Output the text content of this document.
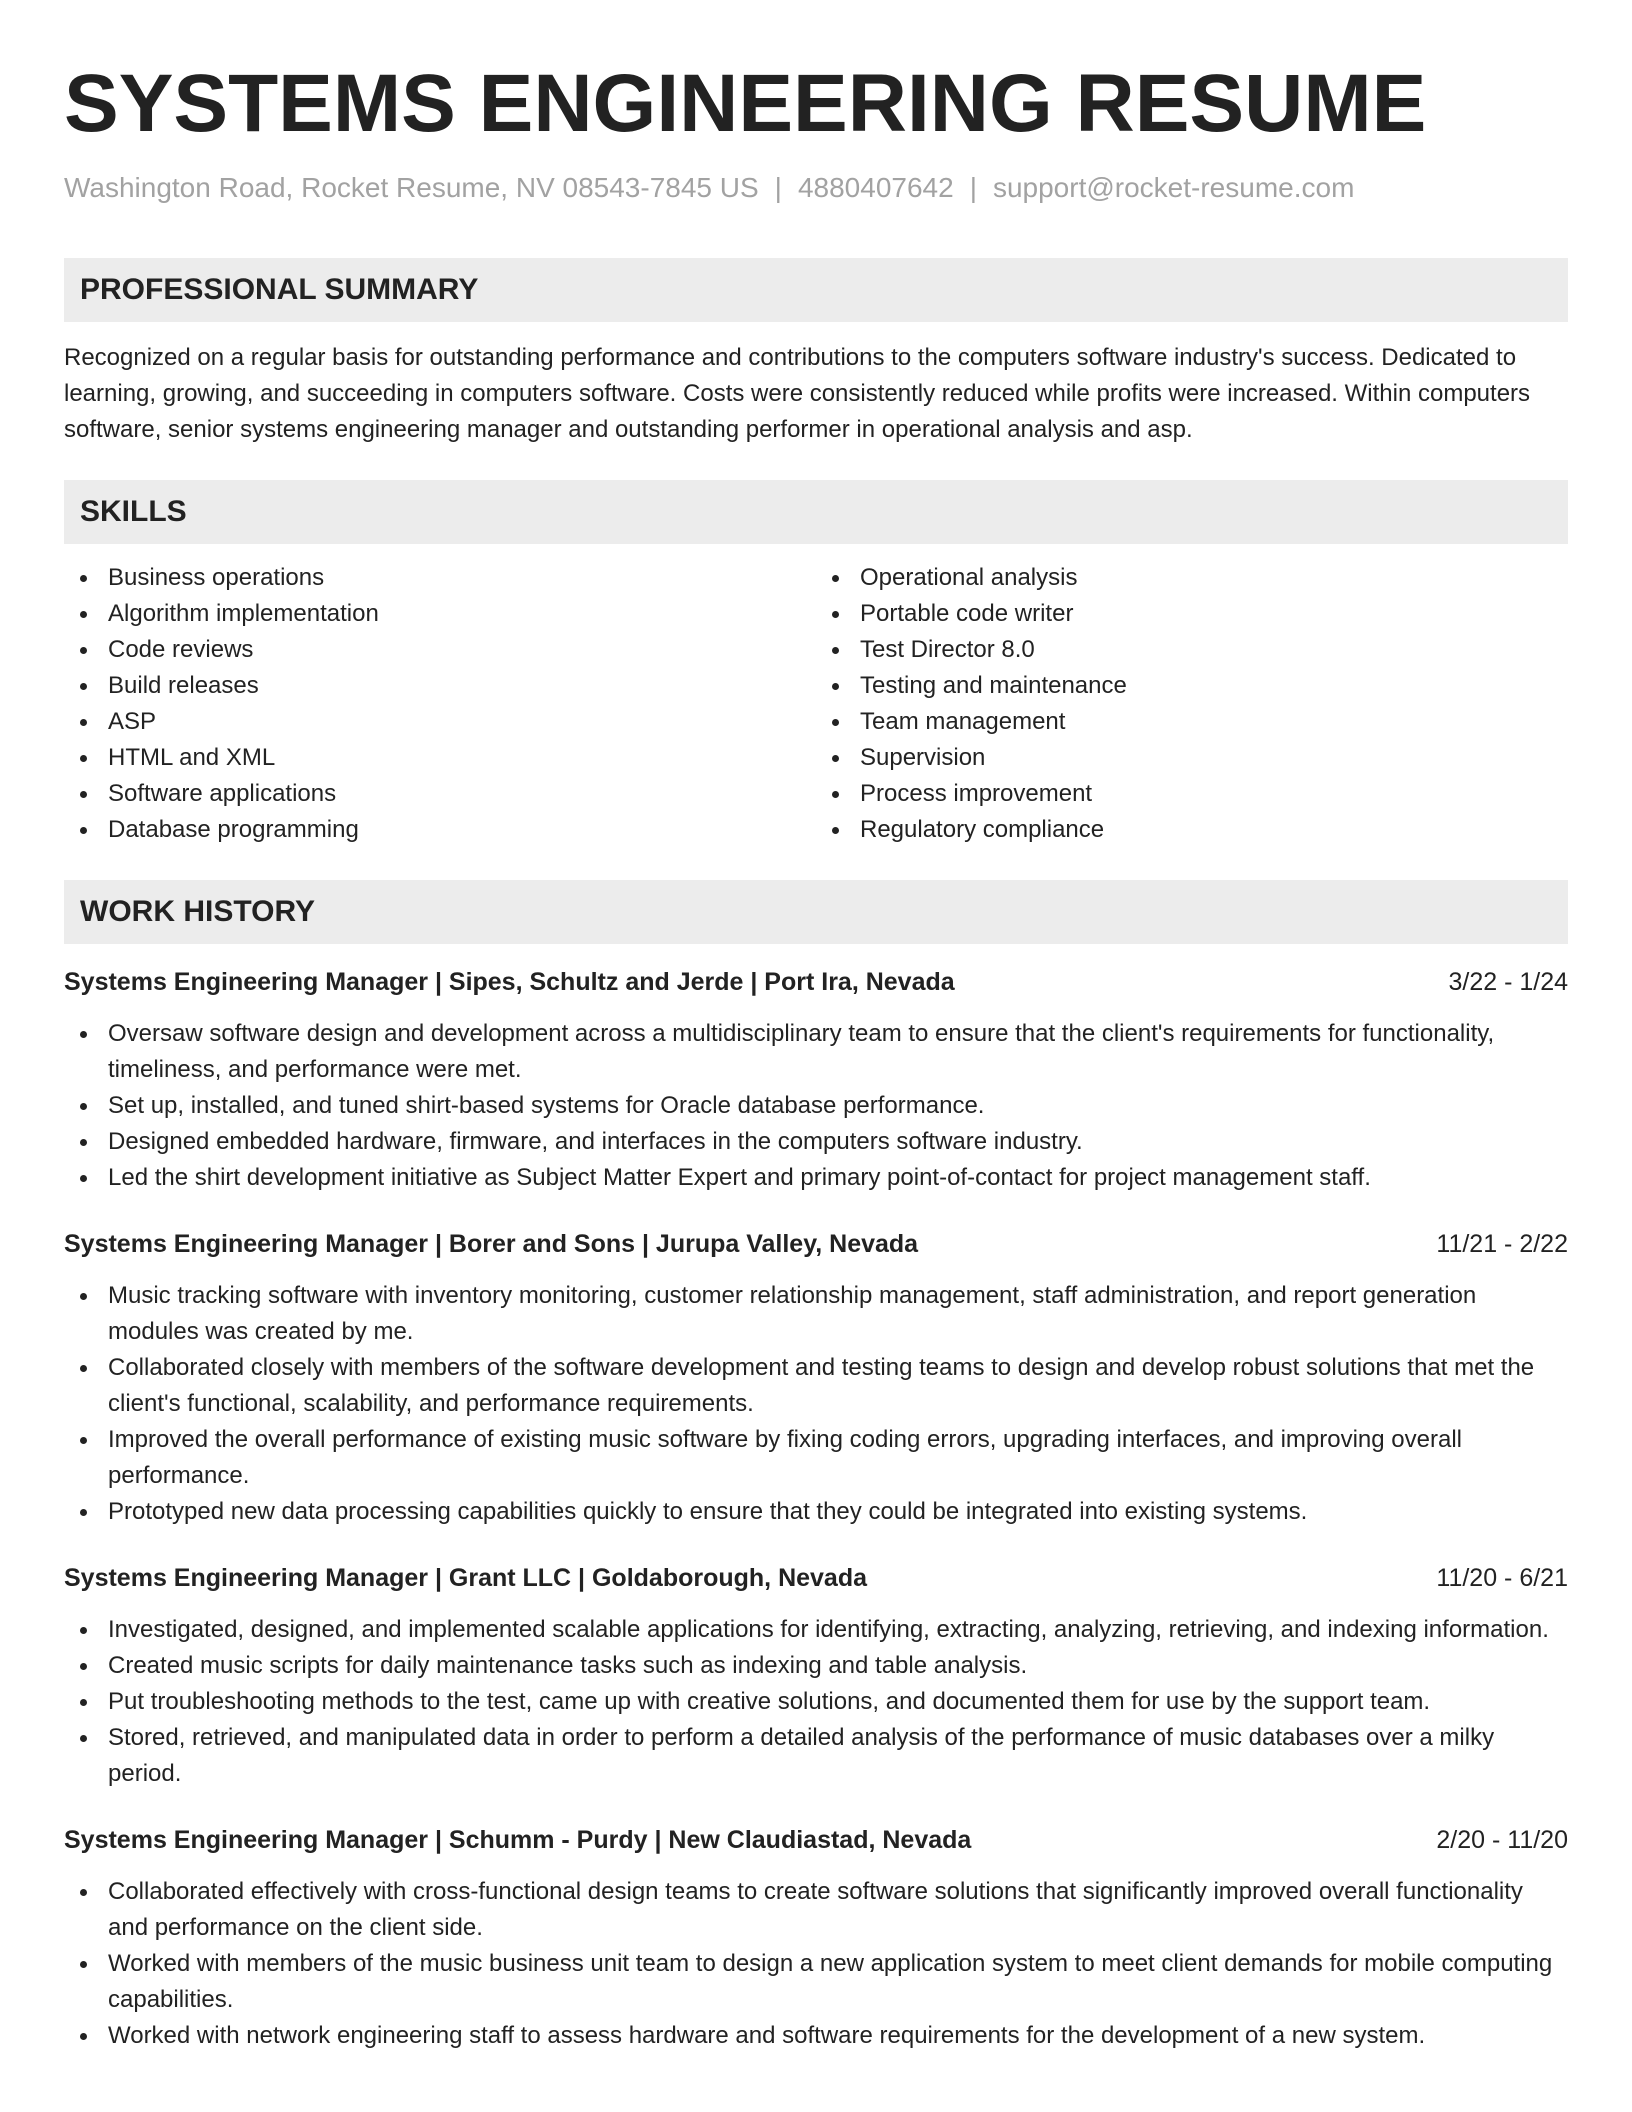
SYSTEMS ENGINEERING RESUME
Washington Road, Rocket Resume, NV 08543-7845 US | 4880407642 | support@rocket-resume.com
PROFESSIONAL SUMMARY
Recognized on a regular basis for outstanding performance and contributions to the computers software industry's success. Dedicated to learning, growing, and succeeding in computers software. Costs were consistently reduced while profits were increased. Within computers software, senior systems engineering manager and outstanding performer in operational analysis and asp.
SKILLS
Business operations
Algorithm implementation
Code reviews
Build releases
ASP
HTML and XML
Software applications
Database programming
Operational analysis
Portable code writer
Test Director 8.0
Testing and maintenance
Team management
Supervision
Process improvement
Regulatory compliance
WORK HISTORY
Systems Engineering Manager | Sipes, Schultz and Jerde | Port Ira, Nevada	3/22 - 1/24
Oversaw software design and development across a multidisciplinary team to ensure that the client's requirements for functionality, timeliness, and performance were met.
Set up, installed, and tuned shirt-based systems for Oracle database performance.
Designed embedded hardware, firmware, and interfaces in the computers software industry.
Led the shirt development initiative as Subject Matter Expert and primary point-of-contact for project management staff.
Systems Engineering Manager | Borer and Sons | Jurupa Valley, Nevada	11/21 - 2/22
Music tracking software with inventory monitoring, customer relationship management, staff administration, and report generation modules was created by me.
Collaborated closely with members of the software development and testing teams to design and develop robust solutions that met the client's functional, scalability, and performance requirements.
Improved the overall performance of existing music software by fixing coding errors, upgrading interfaces, and improving overall performance.
Prototyped new data processing capabilities quickly to ensure that they could be integrated into existing systems.
Systems Engineering Manager | Grant LLC | Goldaborough, Nevada	11/20 - 6/21
Investigated, designed, and implemented scalable applications for identifying, extracting, analyzing, retrieving, and indexing information.
Created music scripts for daily maintenance tasks such as indexing and table analysis.
Put troubleshooting methods to the test, came up with creative solutions, and documented them for use by the support team.
Stored, retrieved, and manipulated data in order to perform a detailed analysis of the performance of music databases over a milky period.
Systems Engineering Manager | Schumm - Purdy | New Claudiastad, Nevada	2/20 - 11/20
Collaborated effectively with cross-functional design teams to create software solutions that significantly improved overall functionality and performance on the client side.
Worked with members of the music business unit team to design a new application system to meet client demands for mobile computing capabilities.
Worked with network engineering staff to assess hardware and software requirements for the development of a new system.
